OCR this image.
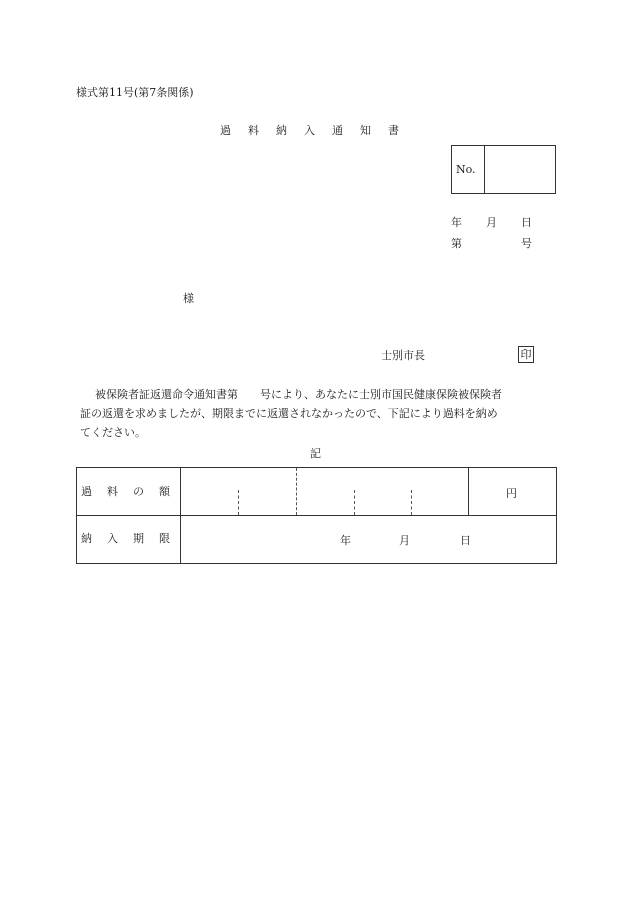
様式第11号(第7条関係)
過 料 納 入 通 知 書
No.
年 月 日
第	号
様
士別市長	印

被保険者証返還命令通知書第　　号により、あなたに士別市国民健康保険被保険者

証の返還を求めましたが、期限までに返還されなかったので、下記により過料を納め

てください。

記
過 料 の 額	円
納 入 期 限	年	月	日
